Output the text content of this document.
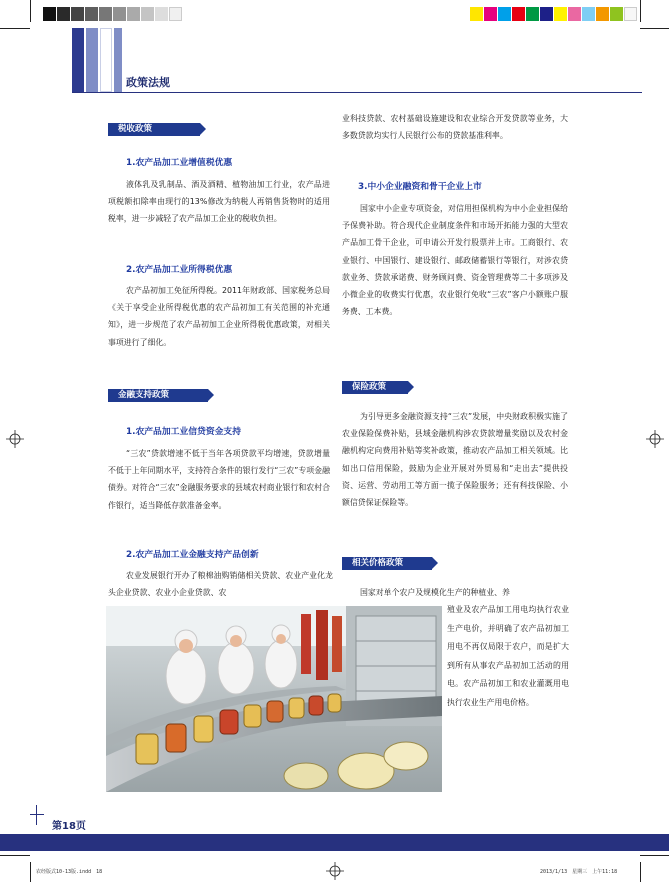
政策法规
税收政策
1.农产品加工业增值税优惠
液体乳及乳制品、酒及酒精、植物油加工行业，农产品进项税额扣除率由现行的13%修改为纳税人再销售货物时的适用税率，进一步减轻了农产品加工企业的税收负担。
2.农产品加工业所得税优惠
农产品初加工免征所得税。2011年财政部、国家税务总局《关于享受企业所得税优惠的农产品初加工有关范围的补充通知》，进一步规范了农产品初加工企业所得税优惠政策，对相关事项进行了细化。
金融支持政策
1.农产品加工业信贷资金支持
“三农”贷款增速不低于当年各项贷款平均增速，贷款增量不低于上年同期水平，支持符合条件的银行发行“三农”专项金融债券。对符合“三农”金融服务要求的县域农村商业银行和农村合作银行，适当降低存款准备金率。
2.农产品加工业金融支持产品创新
农业发展银行开办了粮棉油购销储相关贷款、农业产业化龙头企业贷款、农业小企业贷款、农
业科技贷款、农村基础设施建设和农业综合开发贷款等业务，大多数贷款均实行人民银行公布的贷款基准利率。
3.中小企业融资和骨干企业上市
国家中小企业专项资金，对信用担保机构为中小企业担保给予保费补助。符合现代企业制度条件和市场开拓能力强的大型农产品加工骨干企业，可申请公开发行股票并上市。工商银行、农业银行、中国银行、建设银行、邮政储蓄银行等银行，对涉农贷款业务、贷款承诺费、财务顾问费、资金管理费等二十多项涉及小微企业的收费实行优惠，农业银行免收“三农”客户小额账户服务费、工本费。
保险政策
为引导更多金融资源支持“三农”发展，中央财政积极实施了农业保险保费补贴，县域金融机构涉农贷款增量奖励以及农村金融机构定向费用补贴等奖补政策，推动农产品加工相关领域。比如出口信用保险，鼓励为企业开展对外贸易和“走出去”提供投资、运营、劳动用工等方面一揽子保险服务；还有科技保险、小额信贷保证保险等。
相关价格政策
国家对单个农户及规模化生产的种植业、养
殖业及农产品加工用电均执行农业生产电价，并明确了农产品初加工用电不再仅局限于农户，而是扩大到所有从事农产品初加工活动的用电。农产品初加工和农业灌溉用电执行农业生产用电价格。
第18页
农经版式10-13版.indd　18	2013/1/13　星期三　上午11:18
